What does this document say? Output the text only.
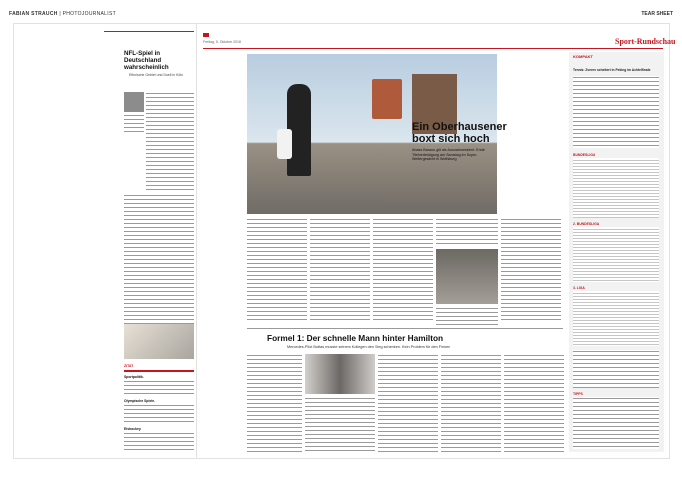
FABIAN STRAUCH | PHOTOJOURNALIST	TEAR SHEET
NFL-Spiel in Deutschland wahrscheinlich
Ethnische Gebiet und Duell in Köln
ZITAT
Sportpolitik.
Olympische Spiele.
Eishockey.
Freitag, 5. Oktober 2018	Sport-Rundschau
Ein Oberhausener
boxt sich hoch
Abass Baraou gilt als Ausnahmetalent. Erste Titelverteidigung am Samstag im Super-Weltergewicht in Wolfsburg
Formel 1: Der schnelle Mann hinter Hamilton
Mercedes-Pilot Bottas musste seinem Kollegen den Sieg schenken. Kein Problem für den Finnen
KOMPAKT
Tennis: Zverev scheitert in Peking im Achtelfinale
BUNDESLIGA
2. BUNDESLIGA
3. LIGA
TIPPS
